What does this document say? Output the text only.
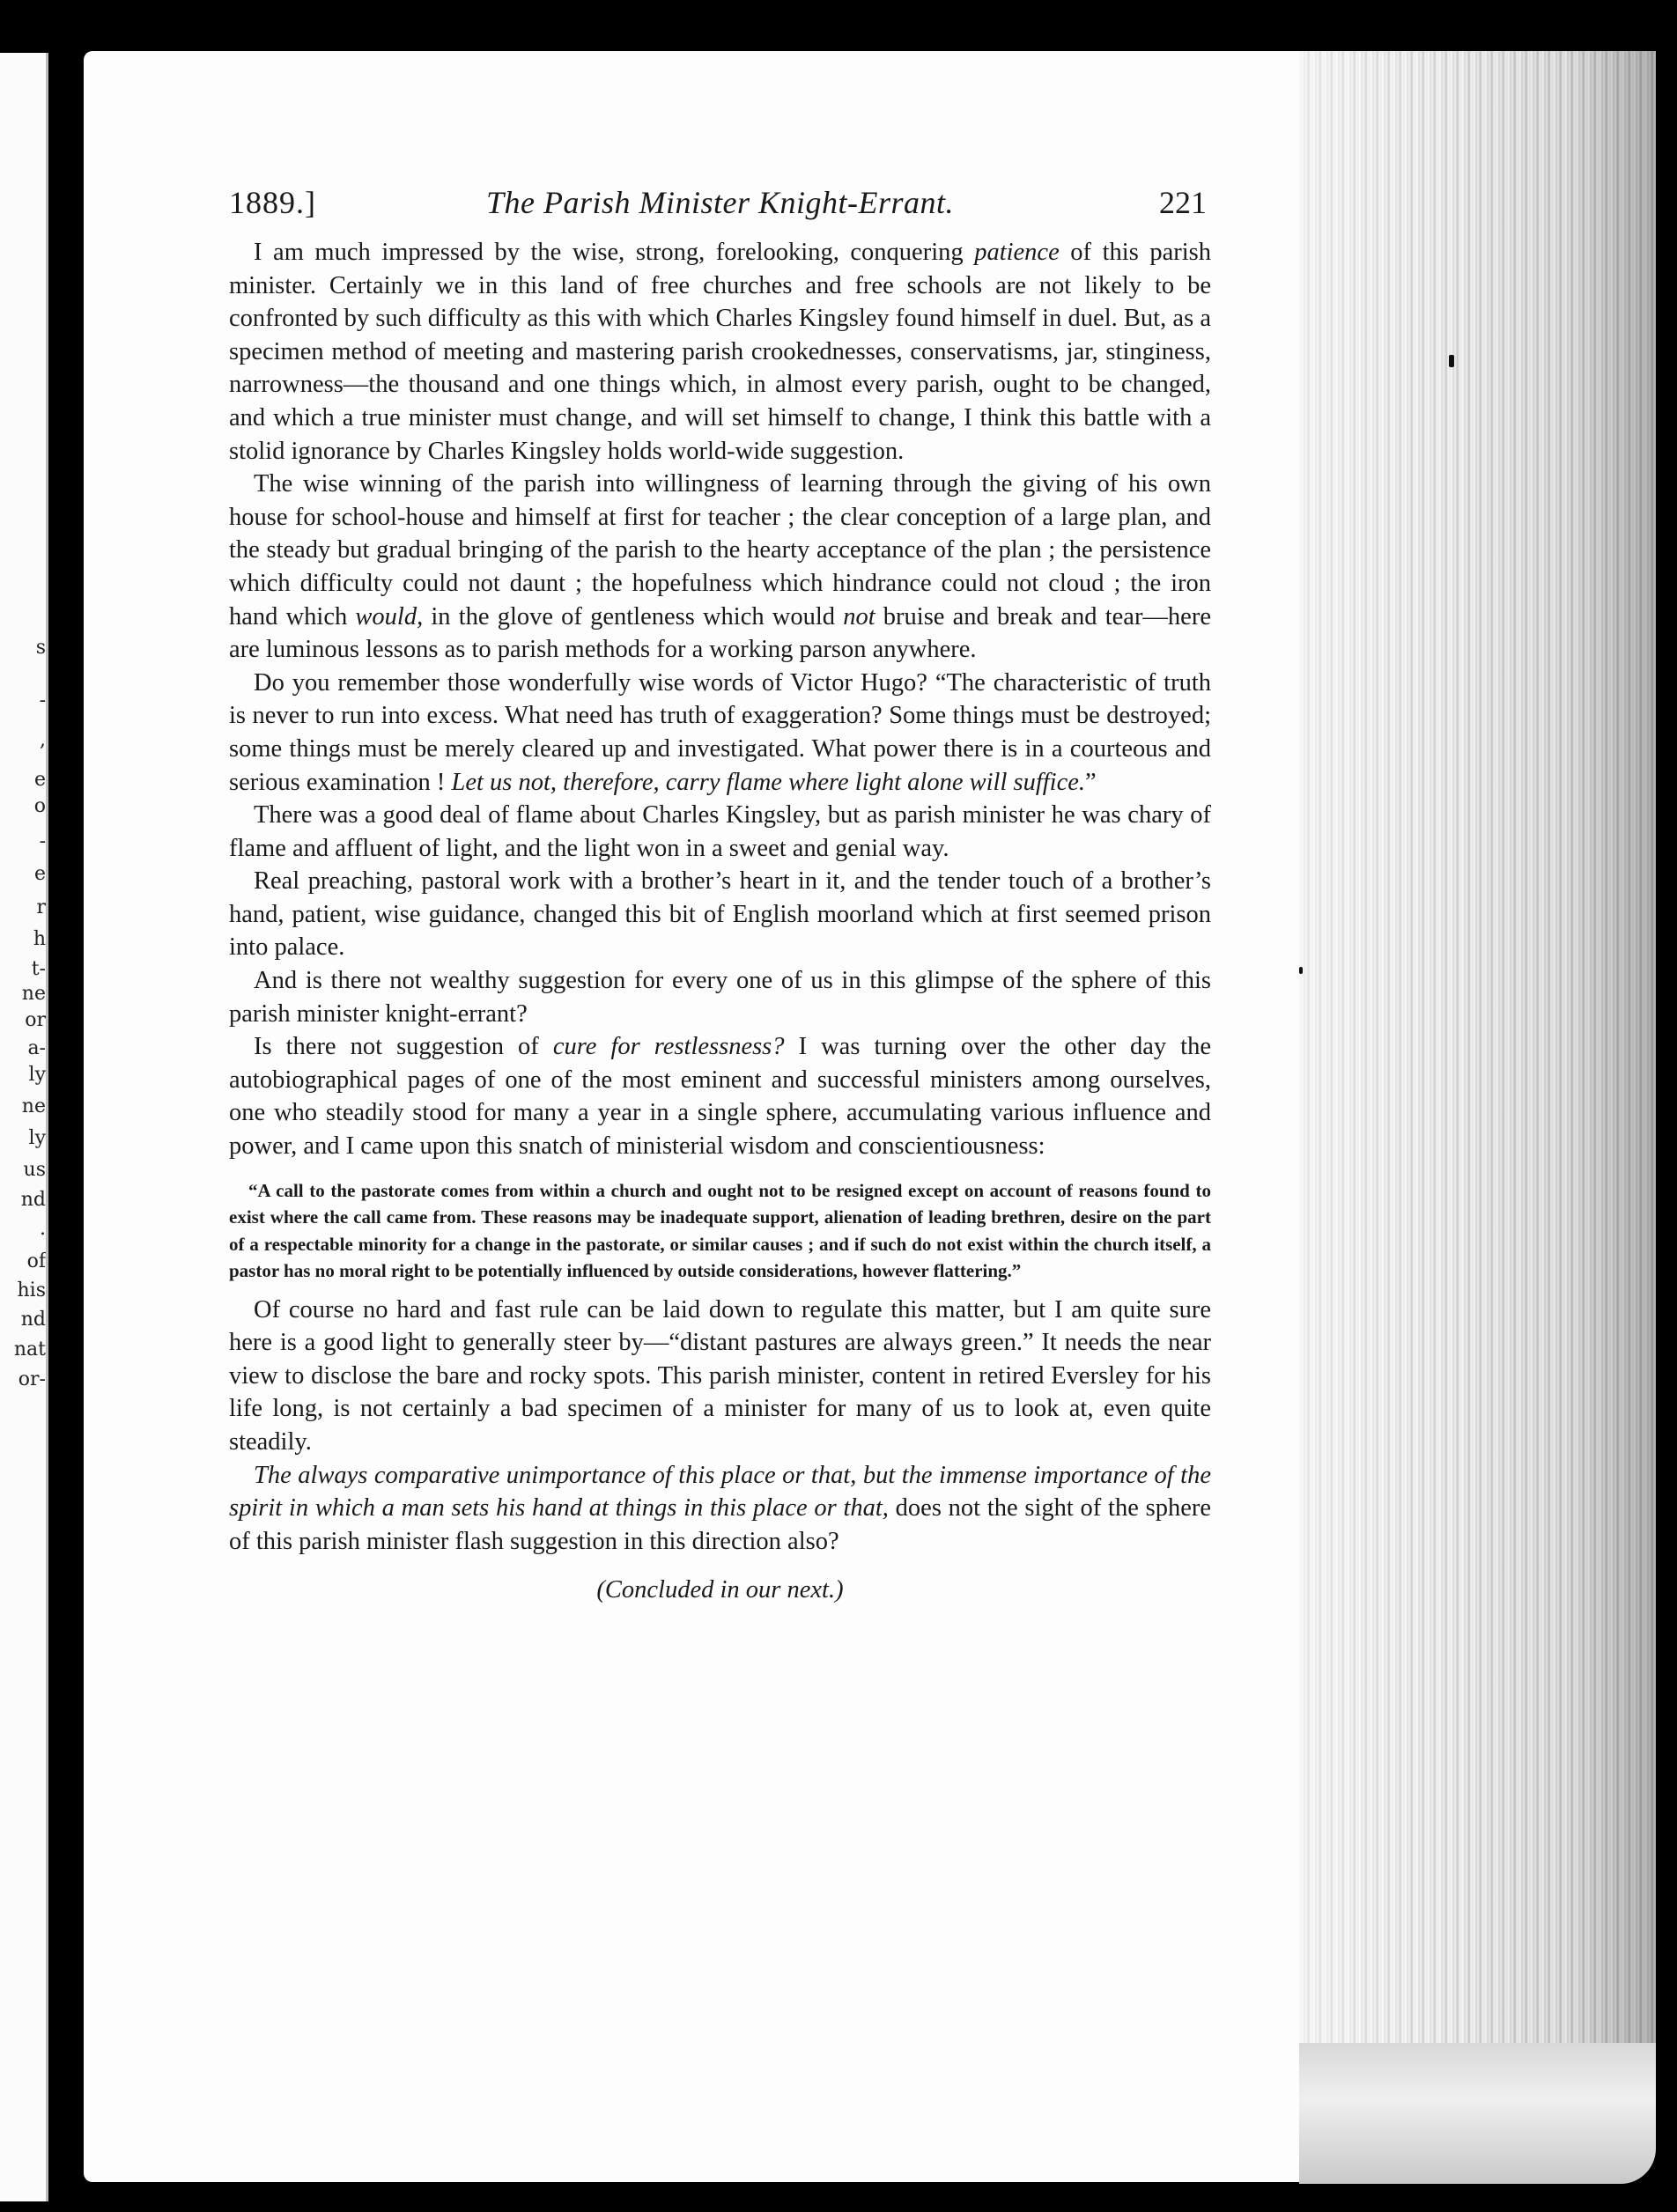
s
-
,
e
o
-
e
r
h
t-
ne
or
a-
ly
ne
ly
us
nd
.
of
his
nd
nat
or-
1889.]	The Parish Minister Knight-Errant.	221

I am much impressed by the wise, strong, forelooking, conquering patience of this parish minister. Certainly we in this land of free churches and free schools are not likely to be confronted by such difficulty as this with which Charles Kingsley found himself in duel. But, as a specimen method of meeting and mastering parish crookednesses, conservatisms, jar, stinginess, narrowness—the thousand and one things which, in almost every parish, ought to be changed, and which a true minister must change, and will set himself to change, I think this battle with a stolid ignorance by Charles Kingsley holds world-wide suggestion.

The wise winning of the parish into willingness of learning through the giving of his own house for school-house and himself at first for teacher ; the clear conception of a large plan, and the steady but gradual bringing of the parish to the hearty acceptance of the plan ; the persistence which difficulty could not daunt ; the hopefulness which hindrance could not cloud ; the iron hand which would, in the glove of gentleness which would not bruise and break and tear—here are luminous lessons as to parish methods for a working parson anywhere.

Do you remember those wonderfully wise words of Victor Hugo? “The characteristic of truth is never to run into excess. What need has truth of exaggeration? Some things must be destroyed; some things must be merely cleared up and investigated. What power there is in a courteous and serious examination ! Let us not, therefore, carry flame where light alone will suffice.”

There was a good deal of flame about Charles Kingsley, but as parish minister he was chary of flame and affluent of light, and the light won in a sweet and genial way.

Real preaching, pastoral work with a brother’s heart in it, and the tender touch of a brother’s hand, patient, wise guidance, changed this bit of English moorland which at first seemed prison into palace.

And is there not wealthy suggestion for every one of us in this glimpse of the sphere of this parish minister knight-errant?

Is there not suggestion of cure for restlessness? I was turning over the other day the autobiographical pages of one of the most eminent and successful ministers among ourselves, one who steadily stood for many a year in a single sphere, accumulating various influence and power, and I came upon this snatch of ministerial wisdom and conscientiousness:

“A call to the pastorate comes from within a church and ought not to be resigned except on account of reasons found to exist where the call came from. These reasons may be inadequate support, alienation of leading brethren, desire on the part of a respectable minority for a change in the pastorate, or similar causes ; and if such do not exist within the church itself, a pastor has no moral right to be potentially influenced by outside considerations, however flattering.”

Of course no hard and fast rule can be laid down to regulate this matter, but I am quite sure here is a good light to generally steer by—“distant pastures are always green.” It needs the near view to disclose the bare and rocky spots. This parish minister, content in retired Eversley for his life long, is not certainly a bad specimen of a minister for many of us to look at, even quite steadily.

The always comparative unimportance of this place or that, but the immense importance of the spirit in which a man sets his hand at things in this place or that, does not the sight of the sphere of this parish minister flash suggestion in this direction also?

(Concluded in our next.)
